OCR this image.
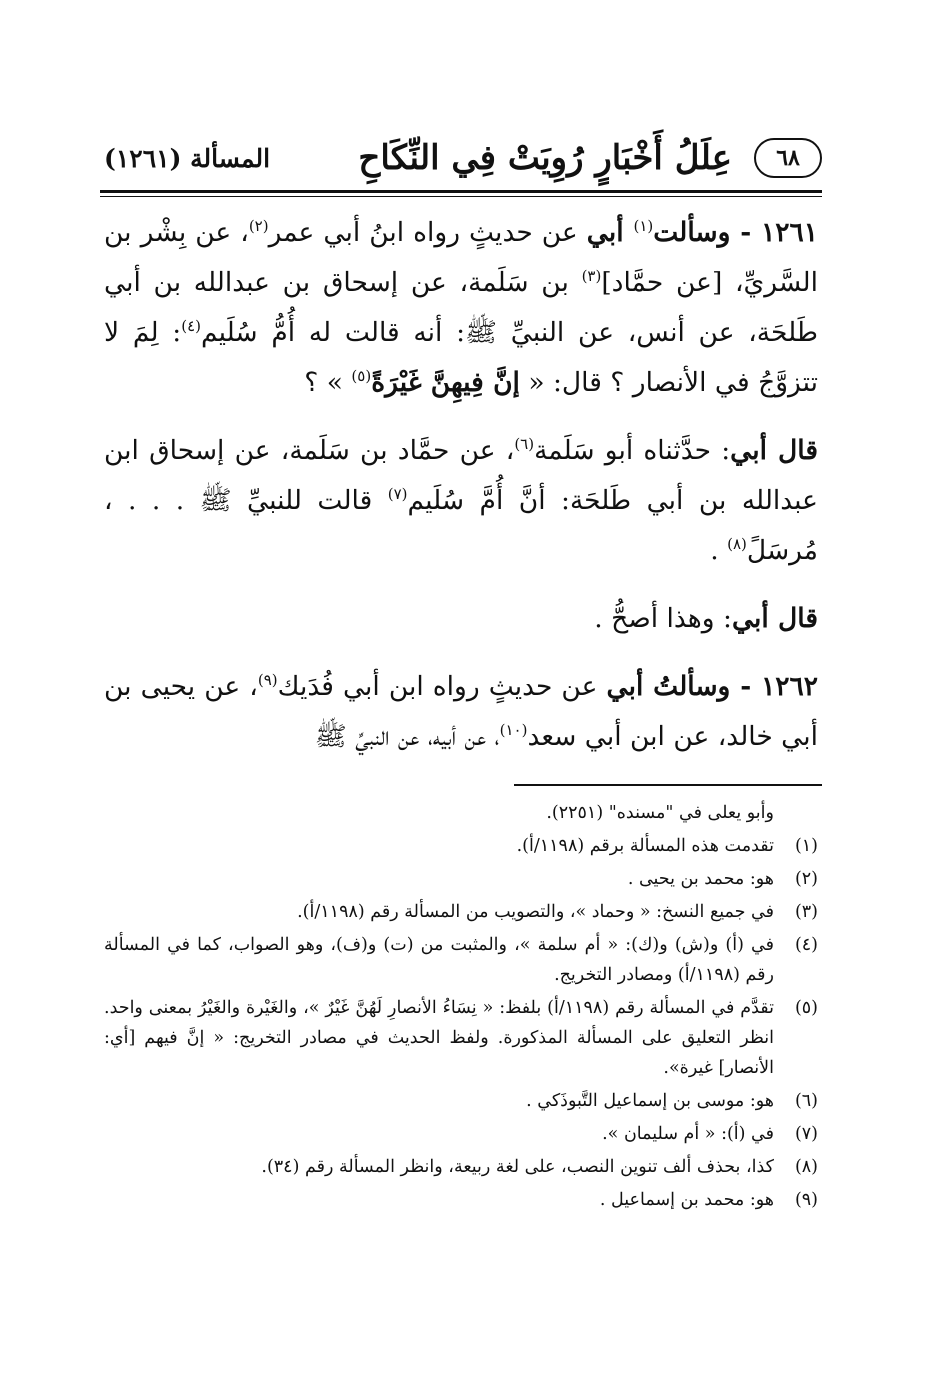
٦٨
عِلَلُ أَخْبَارٍ رُوِيَتْ فِي النِّكَاحِ
المسألة (١٢٦١)

١٢٦١ - وسألت$^{(١)}$ أبي عن حديثٍ رواه ابنُ أبي عمر$^{(٢)}$، عن بِشْر بن السَّريِّ، [عن حمَّاد]$^{(٣)}$ بن سَلَمة، عن إسحاق بن عبدالله بن أبي طَلحَة، عن أنس، عن النبيِّ ﷺ: أنه قالت له أُمُّ سُلَيم$^{(٤)}$: لِمَ لا تتزوَّجُ في الأنصار ؟ قال: « إنَّ فِيهِنَّ غَيْرَةً$^{(٥)}$ » ؟

قال أبي: حدَّثناه أبو سَلَمة$^{(٦)}$، عن حمَّاد بن سَلَمة، عن إسحاق ابن عبدالله بن أبي طَلحَة: أنَّ أُمَّ سُلَيم$^{(٧)}$ قالت للنبيِّ ﷺ . . . ، مُرسَلً$^{(٨)}$ .

قال أبي: وهذا أصحُّ .

١٢٦٢ - وسألتُ أبي عن حديثٍ رواه ابن أبي فُدَيك$^{(٩)}$، عن يحيى بن أبي خالد، عن ابن أبي سعد$^{(١٠)}$، عن أبيه، عن النبيِّ ﷺ

وأبو يعلى في "مسنده" (٢٢٥١).
(١)
تقدمت هذه المسألة برقم (١١٩٨/أ).
(٢)
هو: محمد بن يحيى .
(٣)
في جميع النسخ: « وحماد »، والتصويب من المسألة رقم (١١٩٨/أ).
(٤)
في (أ) و(ش) و(ك): « أم سلمة »، والمثبت من (ت) و(ف)، وهو الصواب، كما في المسألة رقم (١١٩٨/أ) ومصادر التخريج.
(٥)
تقدَّم في المسألة رقم (١١٩٨/أ) بلفظ: « نِسَاءُ الأنصارِ لَهُنَّ غَيْرٌ »، والغَيْرة والغَيْرُ بمعنى واحد. انظر التعليق على المسألة المذكورة. ولفظ الحديث في مصادر التخريج: « إنَّ فيهم [أي: الأنصار] غيرة».
(٦)
هو: موسى بن إسماعيل التَّبوذَكي .
(٧)
في (أ): « أم سليمان ».
(٨)
كذا، بحذف ألف تنوين النصب، على لغة ربيعة، وانظر المسألة رقم (٣٤).
(٩)
هو: محمد بن إسماعيل .
